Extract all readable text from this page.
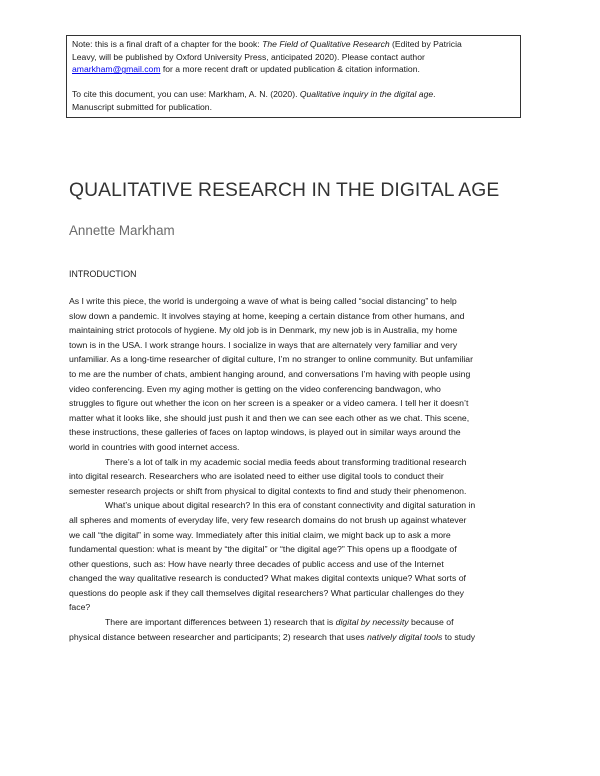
Note: this is a final draft of a chapter for the book: The Field of Qualitative Research (Edited by Patricia
Leavy, will be published by Oxford University Press, anticipated 2020). Please contact author
amarkham@gmail.com for a more recent draft or updated publication & citation information.

To cite this document, you can use: Markham, A. N. (2020). Qualitative inquiry in the digital age.
Manuscript submitted for publication.

QUALITATIVE RESEARCH IN THE DIGITAL AGE
Annette Markham
INTRODUCTION
As I write this piece, the world is undergoing a wave of what is being called “social distancing” to help
slow down a pandemic. It involves staying at home, keeping a certain distance from other humans, and
maintaining strict protocols of hygiene. My old job is in Denmark, my new job is in Australia, my home
town is in the USA. I work strange hours. I socialize in ways that are alternately very familiar and very
unfamiliar. As a long-time researcher of digital culture, I’m no stranger to online community. But unfamiliar
to me are the number of chats, ambient hanging around, and conversations I’m having with people using
video conferencing. Even my aging mother is getting on the video conferencing bandwagon, who
struggles to figure out whether the icon on her screen is a speaker or a video camera. I tell her it doesn’t
matter what it looks like, she should just push it and then we can see each other as we chat. This scene,
these instructions, these galleries of faces on laptop windows, is played out in similar ways around the
world in countries with good internet access.
There’s a lot of talk in my academic social media feeds about transforming traditional research
into digital research. Researchers who are isolated need to either use digital tools to conduct their
semester research projects or shift from physical to digital contexts to find and study their phenomenon.
What’s unique about digital research? In this era of constant connectivity and digital saturation in
all spheres and moments of everyday life, very few research domains do not brush up against whatever
we call “the digital” in some way. Immediately after this initial claim, we might back up to ask a more
fundamental question: what is meant by “the digital” or “the digital age?” This opens up a floodgate of
other questions, such as: How have nearly three decades of public access and use of the Internet
changed the way qualitative research is conducted? What makes digital contexts unique? What sorts of
questions do people ask if they call themselves digital researchers? What particular challenges do they
face?
There are important differences between 1) research that is digital by necessity because of
physical distance between researcher and participants; 2) research that uses natively digital tools to study
